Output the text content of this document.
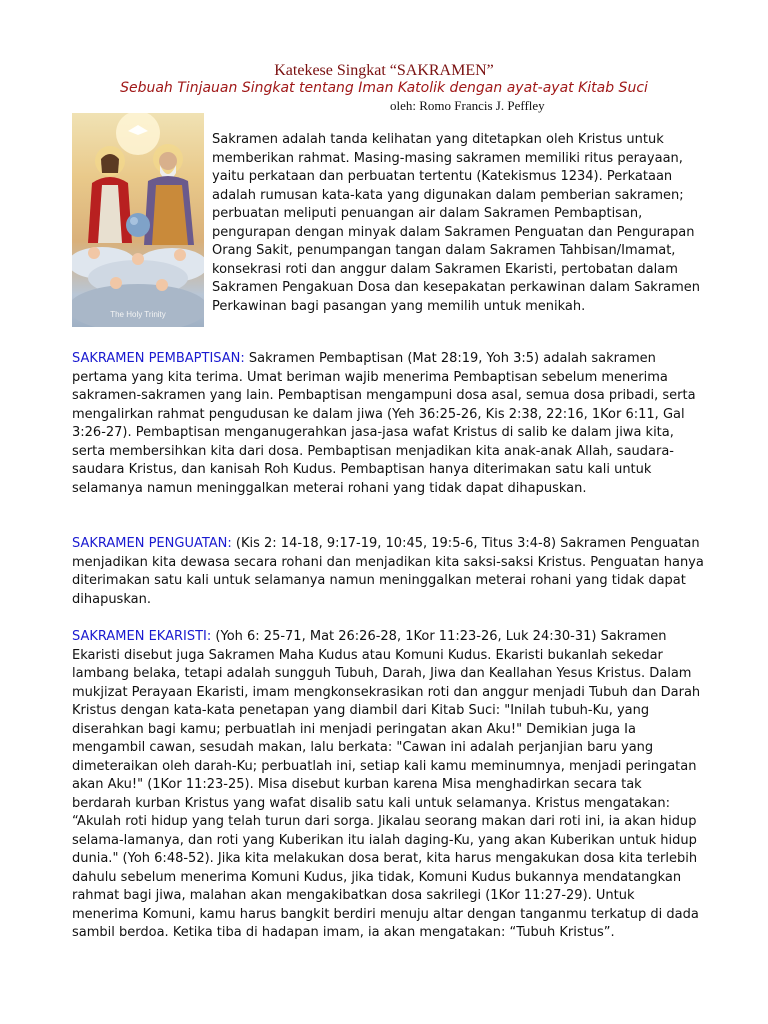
Katekese Singkat “SAKRAMEN”
Sebuah Tinjauan Singkat tentang Iman Katolik dengan ayat-ayat Kitab Suci
oleh: Romo Francis J. Peffley
The Holy Trinity

Sakramen adalah tanda kelihatan yang ditetapkan oleh Kristus untuk memberikan rahmat. Masing-masing sakramen memiliki ritus perayaan, yaitu perkataan dan perbuatan tertentu (Katekismus 1234). Perkataan adalah rumusan kata-kata yang digunakan dalam pemberian sakramen; perbuatan meliputi penuangan air dalam Sakramen Pembaptisan, pengurapan dengan minyak dalam Sakramen Penguatan dan Pengurapan Orang Sakit, penumpangan tangan dalam Sakramen Tahbisan/Imamat, konsekrasi roti dan anggur dalam Sakramen Ekaristi, pertobatan dalam Sakramen Pengakuan Dosa dan kesepakatan perkawinan dalam Sakramen Perkawinan bagi pasangan yang memilih untuk menikah.

SAKRAMEN PEMBAPTISAN: Sakramen Pembaptisan (Mat 28:19, Yoh 3:5) adalah sakramen pertama yang kita terima. Umat beriman wajib menerima Pembaptisan sebelum menerima sakramen-sakramen yang lain. Pembaptisan mengampuni dosa asal, semua dosa pribadi, serta mengalirkan rahmat pengudusan ke dalam jiwa (Yeh 36:25-26, Kis 2:38, 22:16, 1Kor 6:11, Gal 3:26-27). Pembaptisan menganugerahkan jasa-jasa wafat Kristus di salib ke dalam jiwa kita, serta membersihkan kita dari dosa. Pembaptisan menjadikan kita anak-anak Allah, saudara-saudara Kristus, dan kanisah Roh Kudus. Pembaptisan hanya diterimakan satu kali untuk selamanya namun meninggalkan meterai rohani yang tidak dapat dihapuskan.

SAKRAMEN PENGUATAN: (Kis 2: 14-18, 9:17-19, 10:45, 19:5-6, Titus 3:4-8) Sakramen Penguatan menjadikan kita dewasa secara rohani dan menjadikan kita saksi-saksi Kristus. Penguatan hanya diterimakan satu kali untuk selamanya namun meninggalkan meterai rohani yang tidak dapat dihapuskan.

SAKRAMEN EKARISTI: (Yoh 6: 25-71, Mat 26:26-28, 1Kor 11:23-26, Luk 24:30-31) Sakramen Ekaristi disebut juga Sakramen Maha Kudus atau Komuni Kudus. Ekaristi bukanlah sekedar lambang belaka, tetapi adalah sungguh Tubuh, Darah, Jiwa dan Keallahan Yesus Kristus. Dalam mukjizat Perayaan Ekaristi, imam mengkonsekrasikan roti dan anggur menjadi Tubuh dan Darah Kristus dengan kata-kata penetapan yang diambil dari Kitab Suci: "Inilah tubuh-Ku, yang diserahkan bagi kamu; perbuatlah ini menjadi peringatan akan Aku!" Demikian juga Ia mengambil cawan, sesudah makan, lalu berkata: "Cawan ini adalah perjanjian baru yang dimeteraikan oleh darah-Ku; perbuatlah ini, setiap kali kamu meminumnya, menjadi peringatan akan Aku!" (1Kor 11:23-25). Misa disebut kurban karena Misa menghadirkan secara tak berdarah kurban Kristus yang wafat disalib satu kali untuk selamanya. Kristus mengatakan: “Akulah roti hidup yang telah turun dari sorga. Jikalau seorang makan dari roti ini, ia akan hidup selama-lamanya, dan roti yang Kuberikan itu ialah daging-Ku, yang akan Kuberikan untuk hidup dunia." (Yoh 6:48-52). Jika kita melakukan dosa berat, kita harus mengakukan dosa kita terlebih dahulu sebelum menerima Komuni Kudus, jika tidak, Komuni Kudus bukannya mendatangkan rahmat bagi jiwa, malahan akan mengakibatkan dosa sakrilegi (1Kor 11:27-29). Untuk menerima Komuni, kamu harus bangkit berdiri menuju altar dengan tanganmu terkatup di dada sambil berdoa. Ketika tiba di hadapan imam, ia akan mengatakan: “Tubuh Kristus”.
